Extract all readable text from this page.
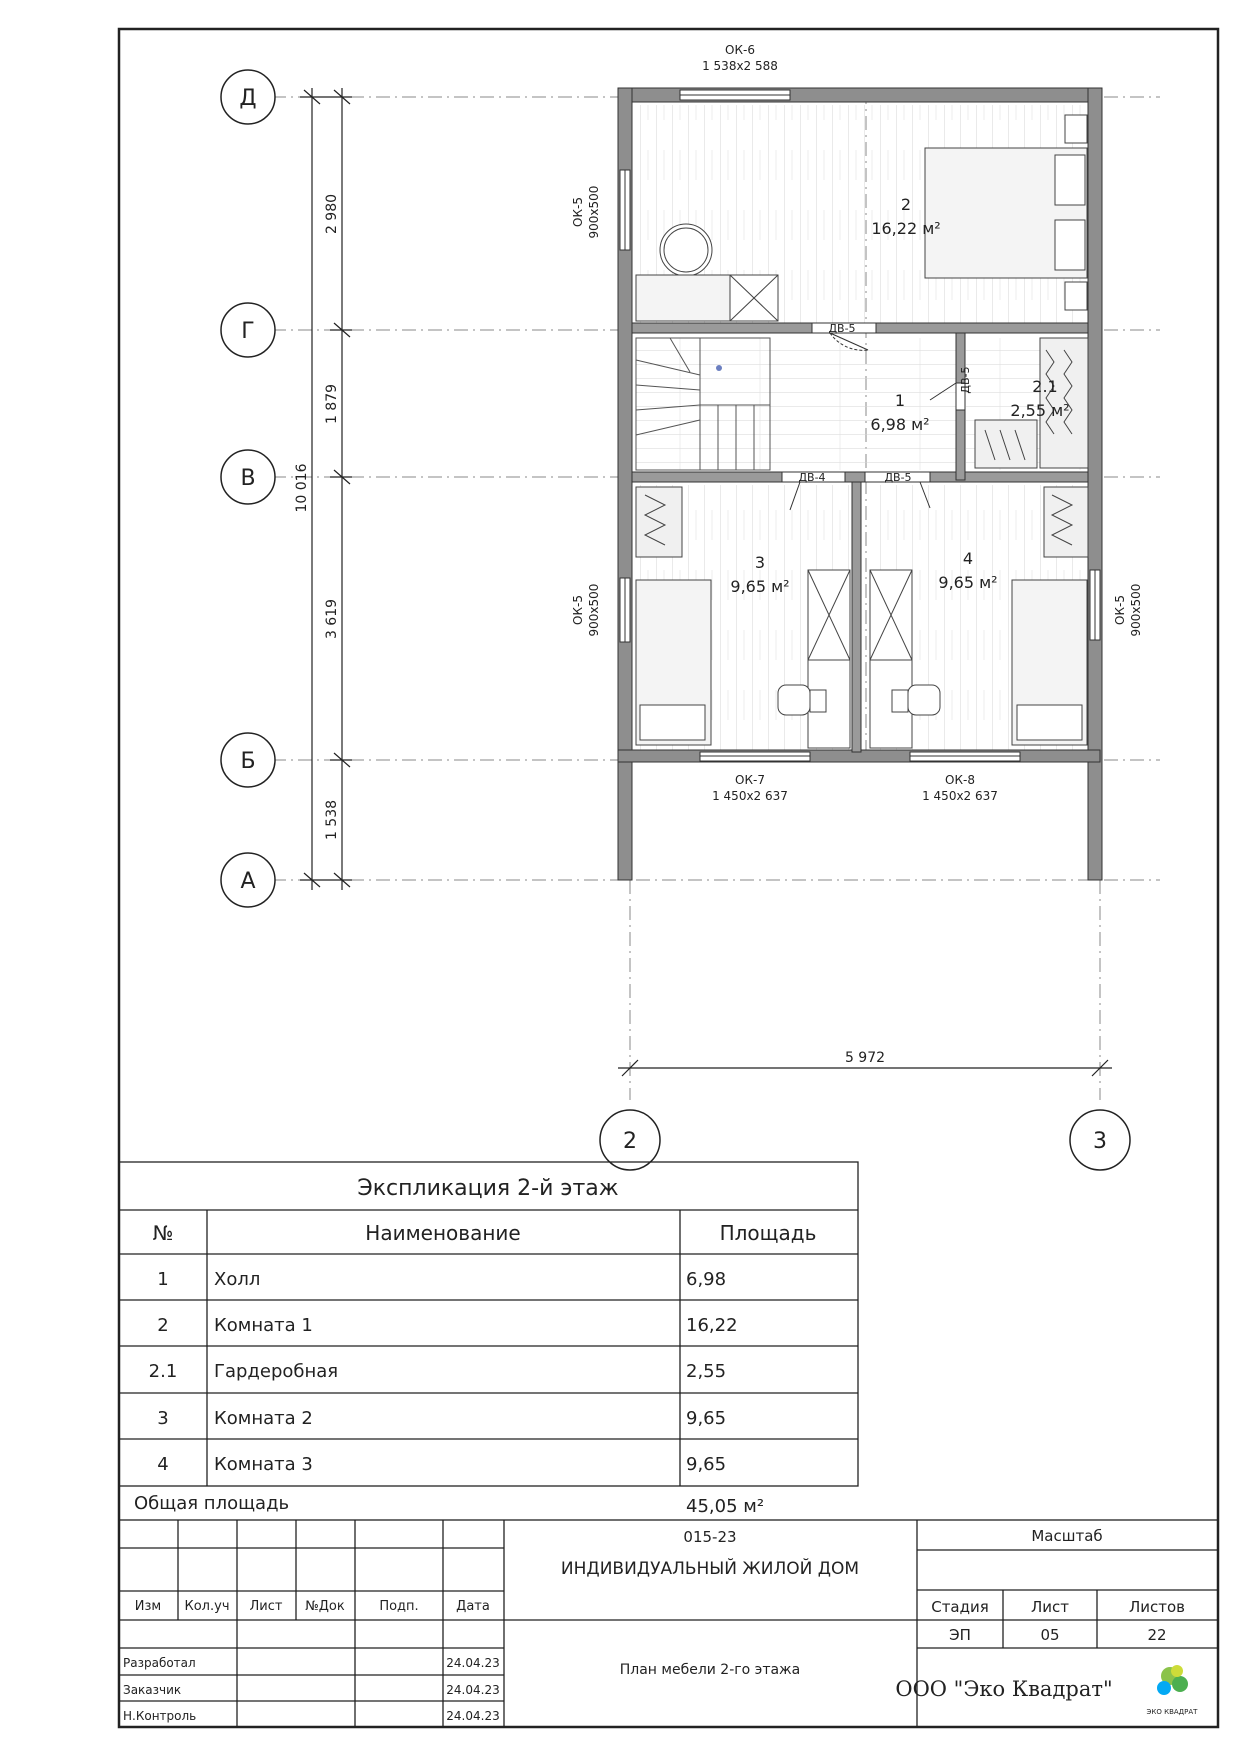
Д
Г
В
Б
А
2	3
2 980
1 879
3 619
1 538
10 016
5 972
2
16,22 м²
1
6,98 м²
2.1
2,55 м²
3
9,65 м²
4
9,65 м²
ОК-6
1 538х2 588
ОК-5 900х500
ОК-5 900х500	ОК-5 900х500
ОК-7
1 450х2 637
ОК-8
1 450х2 637
ДВ-5
ДВ-5
ДВ-4	ДВ-5
Экспликация 2-й этаж
№	Наименование	Площадь
1	Холл	6,98
2	Комната 1	16,22
2.1 Гардеробная	2,55
3	Комната 2	9,65
4	Комната 3	9,65
Общая площадь	45,05 м²
Изм Кол.уч Лист №Док	Подп.	Дата
Разработал	24.04.23
Заказчик	24.04.23
Н.Контроль	24.04.23
015-23
ИНДИВИДУАЛЬНЫЙ ЖИЛОЙ ДОМ
План мебели 2-го этажа
Масштаб
Стадия	Лист	Листов
ЭП	05	22
ООО "Эко Квадрат"
ЭКО КВАДРАТ
